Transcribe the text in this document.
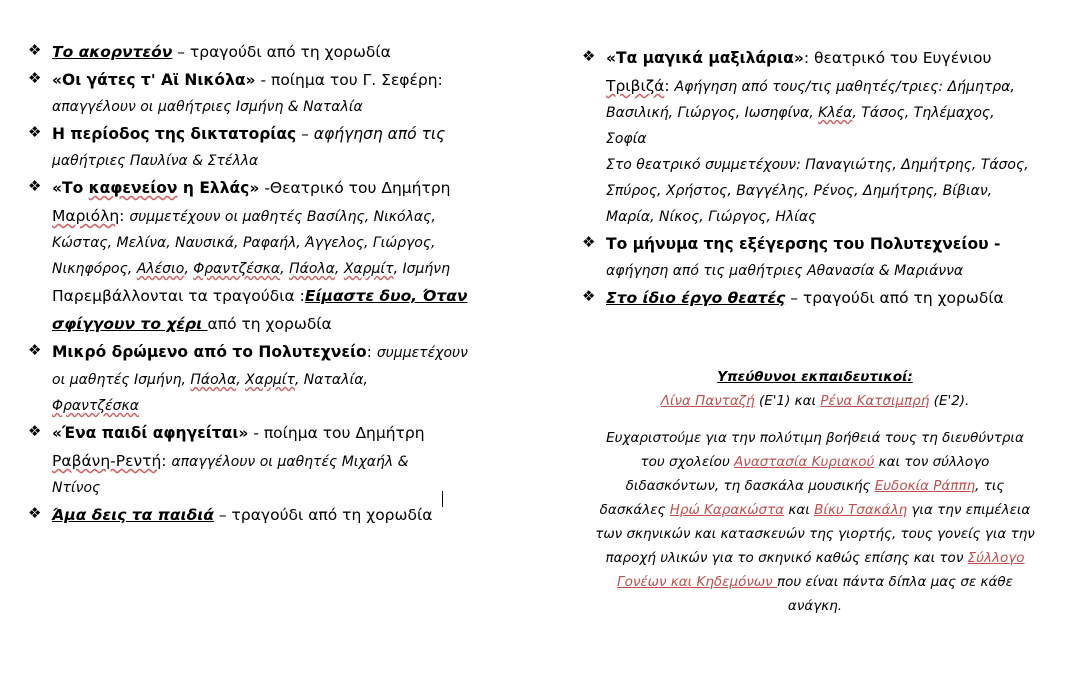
❖ Το ακορντεόν – τραγούδι από τη χορωδία
❖ «Οι γάτες τ' Αϊ Νικόλα» - ποίημα του Γ. Σεφέρη:
απαγγέλουν οι μαθήτριες Ισμήνη & Ναταλία
❖ Η περίοδος της δικτατορίας – αφήγηση από τις
μαθήτριες Παυλίνα & Στέλλα
❖ «Το καφενείον η Ελλάς» -Θεατρικό του Δημήτρη
Μαριόλη: συμμετέχουν οι μαθητές Βασίλης, Νικόλας,
Κώστας, Μελίνα, Ναυσικά, Ραφαήλ, Άγγελος, Γιώργος,
Νικηφόρος, Αλέσιο, Φραντζέσκα, Πάολα, Χαρμίτ, Ισμήνη
Παρεμβάλλονται τα τραγούδια :Είμαστε δυο, Όταν
σφίγγουν το χέρι από τη χορωδία
❖ Μικρό δρώμενο από το Πολυτεχνείο: συμμετέχουν
οι μαθητές Ισμήνη, Πάολα, Χαρμίτ, Ναταλία,
Φραντζέσκα
❖ «Ένα παιδί αφηγείται» - ποίημα του Δημήτρη
Ραβάνη-Ρεντή: απαγγέλουν οι μαθητές Μιχαήλ &
Ντίνος
❖ Άμα δεις τα παιδιά – τραγούδι από τη χορωδία
❖ «Τα μαγικά μαξιλάρια»: θεατρικό του Ευγένιου
Τριβιζά: Αφήγηση από τους/τις μαθητές/τριες: Δήμητρα,
Βασιλική, Γιώργος, Ιωσηφίνα, Κλέα, Τάσος, Τηλέμαχος,
Σοφία
Στο θεατρικό συμμετέχουν: Παναγιώτης, Δημήτρης, Τάσος,
Σπύρος, Χρήστος, Βαγγέλης, Ρένος, Δημήτρης, Βίβιαν,
Μαρία, Νίκος, Γιώργος, Ηλίας
❖ Το μήνυμα της εξέγερσης του Πολυτεχνείου -
αφήγηση από τις μαθήτριες Αθανασία & Μαριάννα
❖ Στο ίδιο έργο θεατές – τραγούδι από τη χορωδία
Υπεύθυνοι εκπαιδευτικοί:
Λίνα Πανταζή (Ε'1) και Ρένα Κατσιμπρή (Ε'2).
Ευχαριστούμε για την πολύτιμη βοήθειά τους τη διευθύντρια
του σχολείου Αναστασία Κυριακού και τον σύλλογο
διδασκόντων, τη δασκάλα μουσικής Ευδοκία Ράππη, τις
δασκάλες Ηρώ Καρακώστα και Βίκυ Τσακάλη για την επιμέλεια
των σκηνικών και κατασκευών της γιορτής, τους γονείς για την
παροχή υλικών για το σκηνικό καθώς επίσης και τον Σύλλογο
Γονέων και Κηδεμόνων που είναι πάντα δίπλα μας σε κάθε
ανάγκη.
